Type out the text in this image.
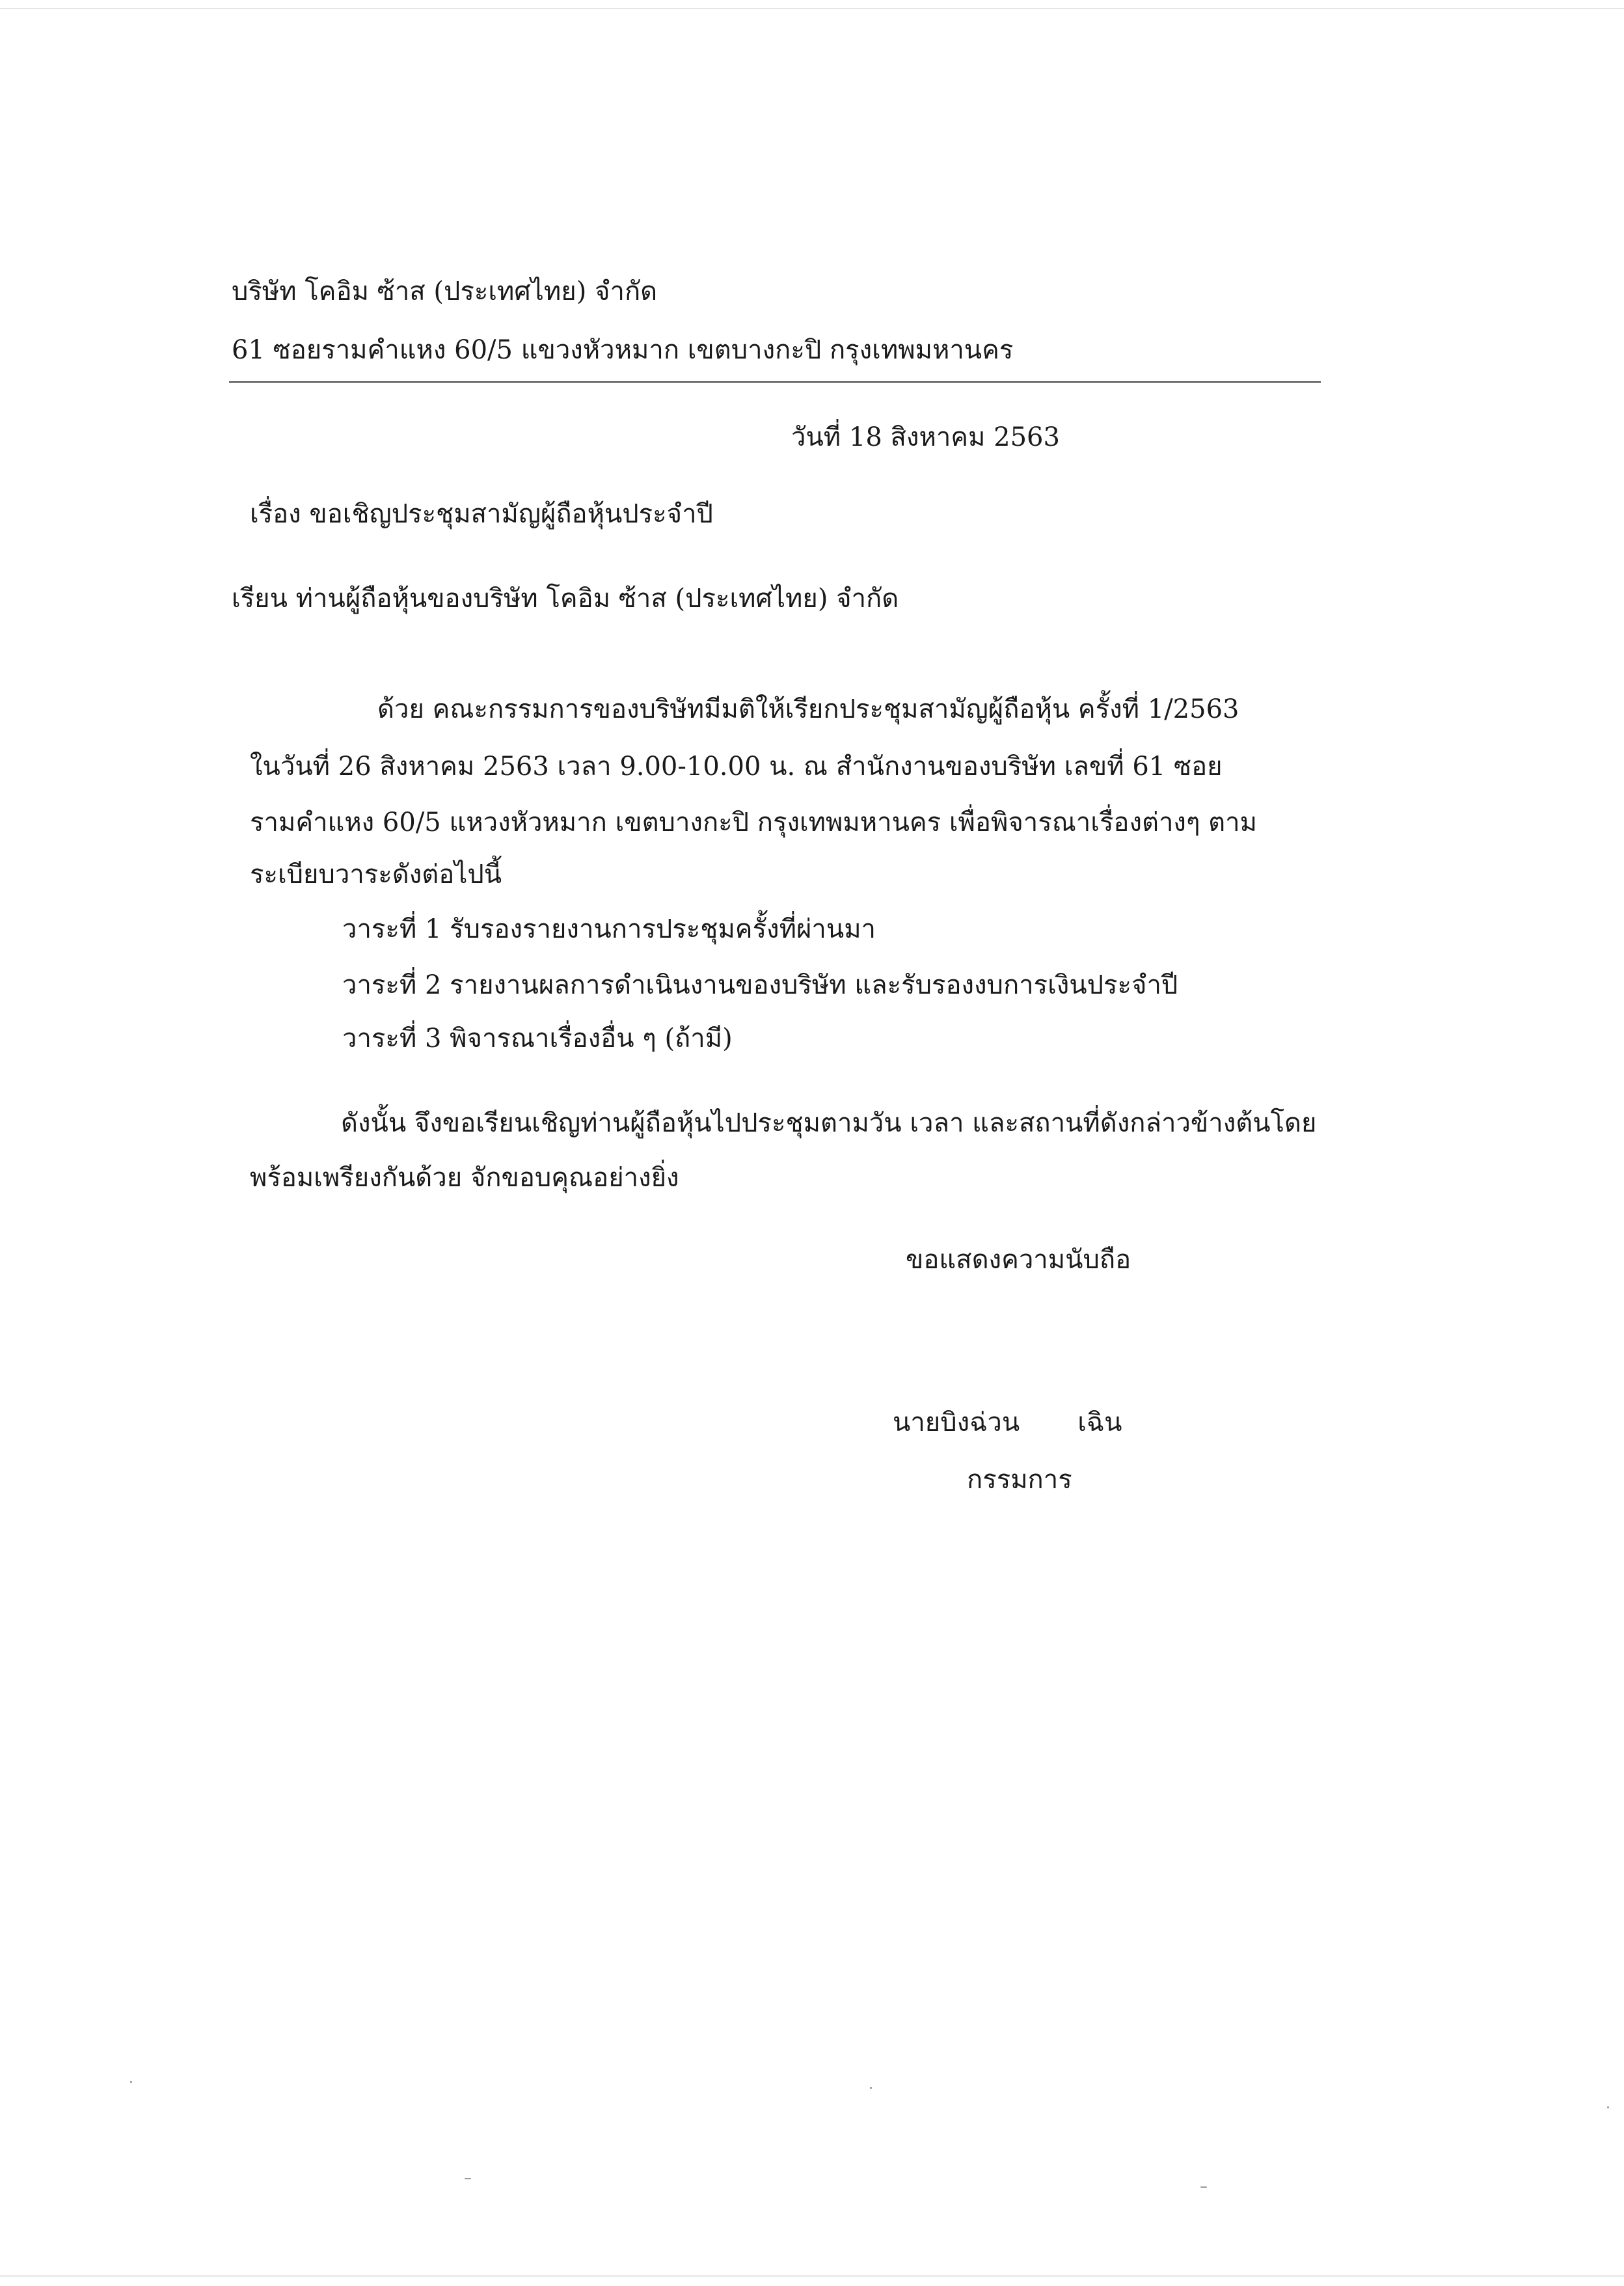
บริษัท โคอิม ซ้าส (ประเทศไทย) จำกัด
61 ซอยรามคำแหง 60/5 แขวงหัวหมาก เขตบางกะปิ กรุงเทพมหานคร
วันที่ 18 สิงหาคม 2563
เรื่อง ขอเชิญประชุมสามัญผู้ถือหุ้นประจำปี
เรียน ท่านผู้ถือหุ้นของบริษัท โคอิม ซ้าส (ประเทศไทย) จำกัด
ด้วย คณะกรรมการของบริษัทมีมติให้เรียกประชุมสามัญผู้ถือหุ้น ครั้งที่ 1/2563
ในวันที่ 26 สิงหาคม 2563 เวลา 9.00-10.00 น. ณ สำนักงานของบริษัท เลขที่ 61 ซอย
รามคำแหง 60/5 แหวงหัวหมาก เขตบางกะปิ กรุงเทพมหานคร เพื่อพิจารณาเรื่องต่างๆ ตาม
ระเบียบวาระดังต่อไปนี้
วาระที่ 1 รับรองรายงานการประชุมครั้งที่ผ่านมา
วาระที่ 2 รายงานผลการดำเนินงานของบริษัท และรับรองงบการเงินประจำปี
วาระที่ 3 พิจารณาเรื่องอื่น ๆ (ถ้ามี)
ดังนั้น จึงขอเรียนเชิญท่านผู้ถือหุ้นไปประชุมตามวัน เวลา และสถานที่ดังกล่าวข้างต้นโดย
พร้อมเพรียงกันด้วย จักขอบคุณอย่างยิ่ง
ขอแสดงความนับถือ
นายบิงฉ่วน       เฉิน
กรรมการ
